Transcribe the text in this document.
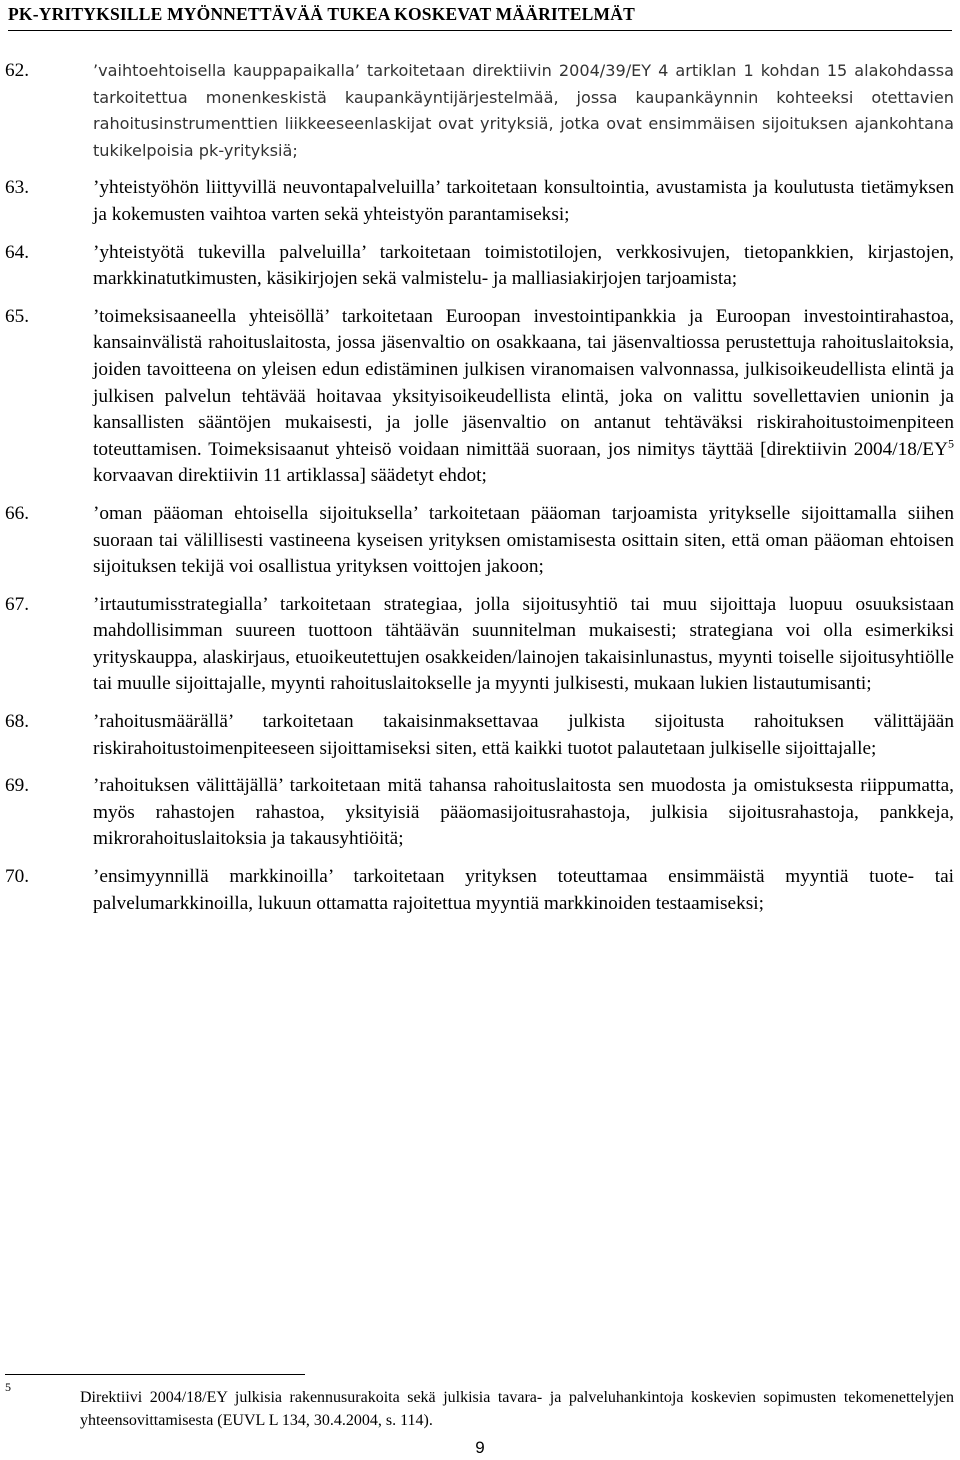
PK-YRITYKSILLE MYÖNNETTÄVÄÄ TUKEA KOSKEVAT MÄÄRITELMÄT
62.	’vaihtoehtoisella kauppapaikalla’ tarkoitetaan direktiivin 2004/39/EY 4 artiklan 1 kohdan 15 alakohdassa tarkoitettua monenkeskistä kaupankäyntijärjestelmää, jossa kaupankäynnin kohteeksi otettavien rahoitusinstrumenttien liikkeeseenlaskijat ovat yrityksiä, jotka ovat ensimmäisen sijoituksen ajankohtana tukikelpoisia pk-yrityksiä;
63.	’yhteistyöhön liittyvillä neuvontapalveluilla’ tarkoitetaan konsultointia, avustamista ja koulutusta tietämyksen ja kokemusten vaihtoa varten sekä yhteistyön parantamiseksi;
64.	’yhteistyötä tukevilla palveluilla’ tarkoitetaan toimistotilojen, verkkosivujen, tietopankkien, kirjastojen, markkinatutkimusten, käsikirjojen sekä valmistelu- ja malliasiakirjojen tarjoamista;
65.	’toimeksisaaneella yhteisöllä’ tarkoitetaan Euroopan investointipankkia ja Euroopan investointirahastoa, kansainvälistä rahoituslaitosta, jossa jäsenvaltio on osakkaana, tai jäsenvaltiossa perustettuja rahoituslaitoksia, joiden tavoitteena on yleisen edun edistäminen julkisen viranomaisen valvonnassa, julkisoikeudellista elintä ja julkisen palvelun tehtävää hoitavaa yksityisoikeudellista elintä, joka on valittu sovellettavien unionin ja kansallisten sääntöjen mukaisesti, ja jolle jäsenvaltio on antanut tehtäväksi riskirahoitustoimenpiteen toteuttamisen. Toimeksisaanut yhteisö voidaan nimittää suoraan, jos nimitys täyttää [direktiivin $2004/18/EY^5$ korvaavan direktiivin 11 artiklassa] säädetyt ehdot;
66.	’oman pääoman ehtoisella sijoituksella’ tarkoitetaan pääoman tarjoamista yritykselle sijoittamalla siihen suoraan tai välillisesti vastineena kyseisen yrityksen omistamisesta osittain siten, että oman pääoman ehtoisen sijoituksen tekijä voi osallistua yrityksen voittojen jakoon;
67.	’irtautumisstrategialla’ tarkoitetaan strategiaa, jolla sijoitusyhtiö tai muu sijoittaja luopuu osuuksistaan mahdollisimman suureen tuottoon tähtäävän suunnitelman mukaisesti; strategiana voi olla esimerkiksi yrityskauppa, alaskirjaus, etuoikeutettujen osakkeiden/lainojen takaisinlunastus, myynti toiselle sijoitusyhtiölle tai muulle sijoittajalle, myynti rahoituslaitokselle ja myynti julkisesti, mukaan lukien listautumisanti;
68.	’rahoitusmäärällä’ tarkoitetaan takaisinmaksettavaa julkista sijoitusta rahoituksen välittäjään riskirahoitustoimenpiteeseen sijoittamiseksi siten, että kaikki tuotot palautetaan julkiselle sijoittajalle;
69.	’rahoituksen välittäjällä’ tarkoitetaan mitä tahansa rahoituslaitosta sen muodosta ja omistuksesta riippumatta, myös rahastojen rahastoa, yksityisiä pääomasijoitusrahastoja, julkisia sijoitusrahastoja, pankkeja, mikrorahoituslaitoksia ja takausyhtiöitä;
70.	’ensimyynnillä markkinoilla’ tarkoitetaan yrityksen toteuttamaa ensimmäistä myyntiä tuote- tai palvelumarkkinoilla, lukuun ottamatta rajoitettua myyntiä markkinoiden testaamiseksi;
5
Direktiivi 2004/18/EY julkisia rakennusurakoita sekä julkisia tavara- ja palveluhankintoja koskevien sopimusten tekomenettelyjen yhteensovittamisesta (EUVL L 134, 30.4.2004, s. 114).
9
